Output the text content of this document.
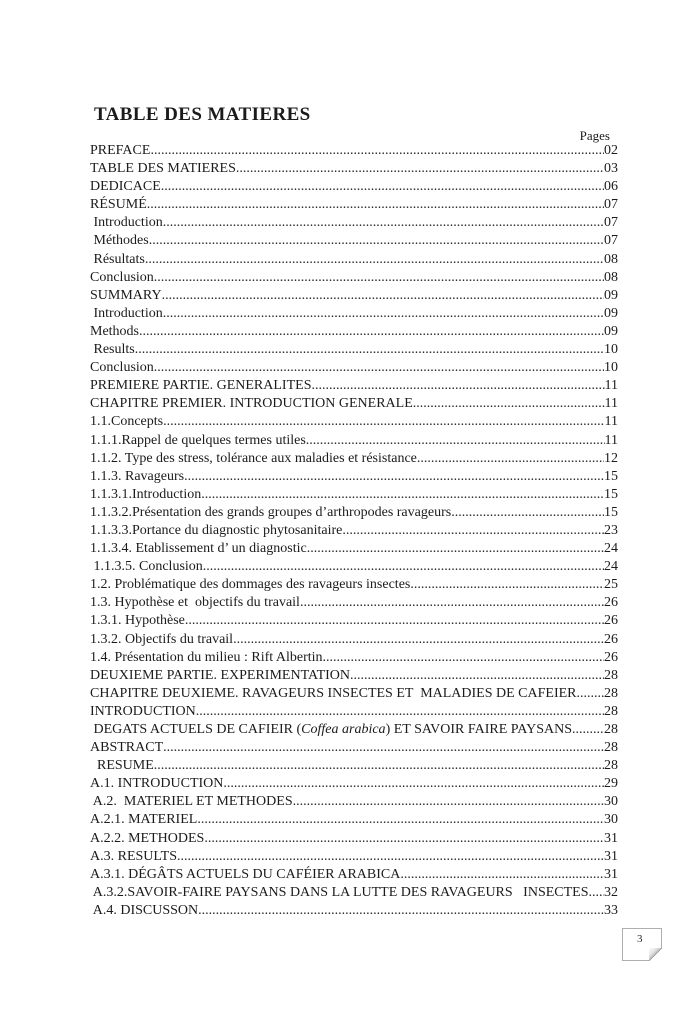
TABLE DES MATIERES
Pages
PREFACE .....	02
TABLE DES MATIERES.. .....	03
DEDICACE .....	06
RÉSUMÉ .....	07
Introduction .....	07
Méthodes .....	07
Résultats .....	08
Conclusion .....	08
SUMMARY .....	09
Introduction .....	09
Methods .....	09
Results .....	10
Conclusion .....	10
PREMIERE PARTIE. GENERALITES .....	11
CHAPITRE PREMIER. INTRODUCTION GENERALE .....	11
1.1.Concepts .....	11
1.1.1.Rappel de quelques termes utiles .....	11
1.1.2. Type des stress, tolérance aux maladies et résistance .....	12
1.1.3. Ravageurs .....	15
1.1.3.1.Introduction .....	15
1.1.3.2.Présentation des grands groupes d’arthropodes ravageurs .....	15
1.1.3.3.Portance du diagnostic phytosanitaire .....	23
1.1.3.4. Etablissement d’ un diagnostic .....	24
1.1.3.5. Conclusion .....	24
1.2. Problématique des dommages des ravageurs insectes .....	25
1.3. Hypothèse et  objectifs du travail .....	26
1.3.1. Hypothèse .....	26
1.3.2. Objectifs du travail .....	26
1.4. Présentation du milieu : Rift Albertin .....	26
DEUXIEME PARTIE. EXPERIMENTATION .....	28
CHAPITRE DEUXIEME. RAVAGEURS INSECTES ET  MALADIES DE CAFEIER... ..... 28
INTRODUCTION .....	28
DEGATS ACTUELS DE CAFIEIR (Coffea arabica) ET SAVOIR FAIRE PAYSANS ..... 28
ABSTRACT .....	28
RESUME .....	28
A.1. INTRODUCTION .....	29
A.2.  MATERIEL ET METHODES .....	30
A.2.1. MATERIEL .....	30
A.2.2. METHODES .....	31
A.3. RESULTS .....	31
A.3.1. DÉGÂTS ACTUELS DU CAFÉIER ARABICA .....	31
A.3.2.SAVOIR-FAIRE PAYSANS DANS LA LUTTE DES RAVAGEURS   INSECTES ..... 32
A.4. DISCUSSON .....	33
3
